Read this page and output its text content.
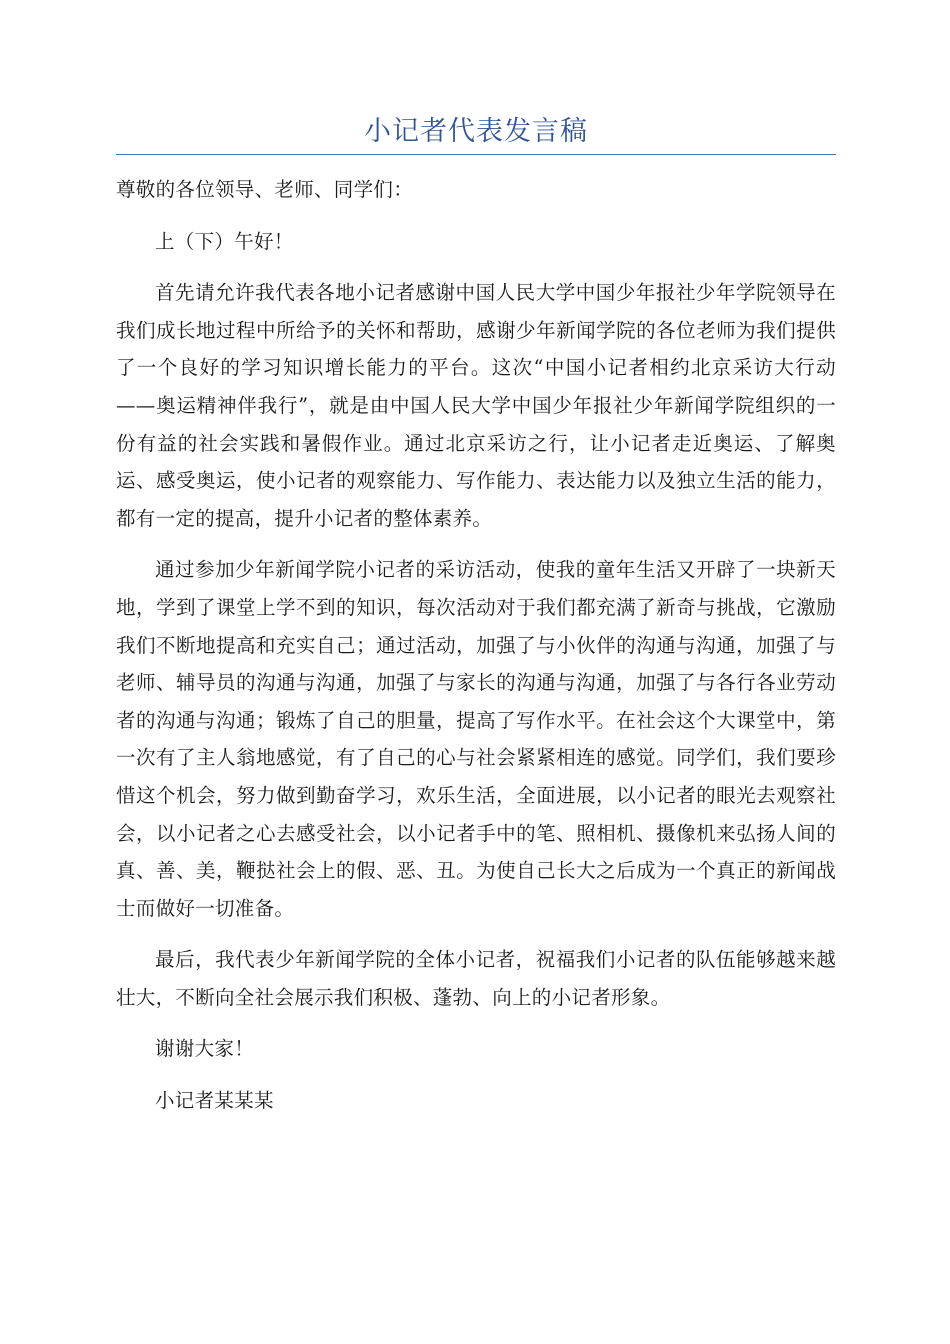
小记者代表发言稿

尊敬的各位领导、老师、同学们：

上（下）午好！

首先请允许我代表各地小记者感谢中国人民大学中国少年报社少年学院领导在我们成长地过程中所给予的关怀和帮助，感谢少年新闻学院的各位老师为我们提供了一个良好的学习知识增长能力的平台。这次“中国小记者相约北京采访大行动——奥运精神伴我行”，就是由中国人民大学中国少年报社少年新闻学院组织的一份有益的社会实践和暑假作业。通过北京采访之行，让小记者走近奥运、了解奥运、感受奥运，使小记者的观察能力、写作能力、表达能力以及独立生活的能力，都有一定的提高，提升小记者的整体素养。

通过参加少年新闻学院小记者的采访活动，使我的童年生活又开辟了一块新天地，学到了课堂上学不到的知识，每次活动对于我们都充满了新奇与挑战，它激励我们不断地提高和充实自己；通过活动，加强了与小伙伴的沟通与沟通，加强了与老师、辅导员的沟通与沟通，加强了与家长的沟通与沟通，加强了与各行各业劳动者的沟通与沟通；锻炼了自己的胆量，提高了写作水平。在社会这个大课堂中，第一次有了主人翁地感觉，有了自己的心与社会紧紧相连的感觉。同学们，我们要珍惜这个机会，努力做到勤奋学习，欢乐生活，全面进展，以小记者的眼光去观察社会，以小记者之心去感受社会，以小记者手中的笔、照相机、摄像机来弘扬人间的真、善、美，鞭挞社会上的假、恶、丑。为使自己长大之后成为一个真正的新闻战士而做好一切准备。

最后，我代表少年新闻学院的全体小记者，祝福我们小记者的队伍能够越来越壮大，不断向全社会展示我们积极、蓬勃、向上的小记者形象。

谢谢大家！

小记者某某某
